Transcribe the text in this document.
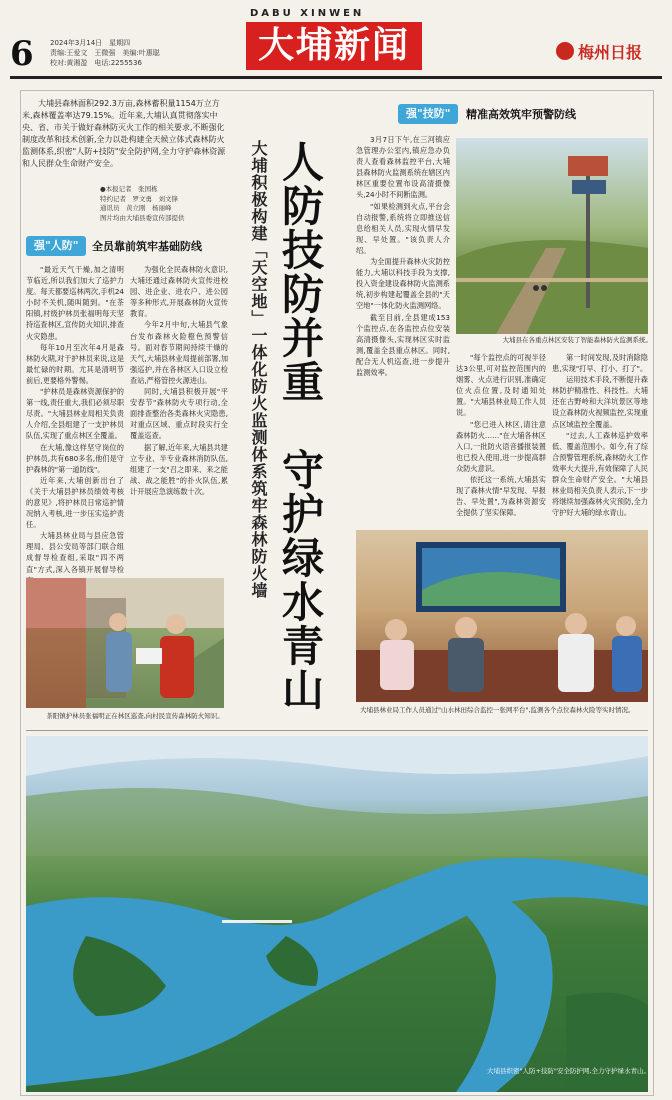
6 2024年3月14日　星期四
责编:王爱文　王微强　美编:叶惠聪
校对:黄湘盈　电话:2255536
DABU XINWEN
大埔新闻	梅州日报
大埔县森林面积292.3万亩,森林蓄积量1154万立方米,森林覆盖率达79.15%。近年来,大埔认真贯彻落实中央、省、市关于做好森林防灭火工作的相关要求,不断强化制度改革和技术创新,全力以赴构建全天候立体式森林防火监测体系,织密"人防+技防"安全防护网,全力守护森林资源和人民群众生命财产安全。
●本报记者　张国栋
特约记者　罗文勇　刘文锋
通讯员　黄立刚　杨丽峰
图片均由大埔县委宣传部提供
强"人防"	全员靠前筑牢基础防线

"最近天气干燥,加之清明节临近,所以我们加大了巡护力度。每天都要巡林两次,手机24小时不关机,随叫随到。"在茶阳镇,村级护林员张福明每天坚持巡查林区,宣传防火知识,排查火灾隐患。

每年10月至次年4月是森林防火期,对于护林员来说,这是最忙碌的时期。尤其是清明节前后,更要格外警惕。

"护林员是森林资源保护的第一线,责任重大,我们必须尽职尽责。"大埔县林业局相关负责人介绍,全县组建了一支护林员队伍,实现了重点林区全覆盖。

在大埔,像这样坚守岗位的护林员,共有680多名,他们是守护森林的"第一道防线"。

近年来,大埔创新出台了《关于大埔县护林员绩效考核的意见》,将护林员日常巡护情况纳入考核,进一步压实巡护责任。

大埔县林业局与县应急管理局、县公安局等部门联合组成督导检查组,采取"四不两直"方式,深入各镇开展督导检

为强化全民森林防火意识,大埔还通过森林防火宣传进校园、进企业、进农户、进公园等多种形式,开展森林防火宣传教育。

今年2月中旬,大埔县气象台发布森林火险橙色预警信号。面对春节期间持续干燥的天气,大埔县林业局提前部署,加强巡护,并在各林区入口设立检查站,严格管控火源进山。

同时,大埔县积极开展"平安春节"森林防火专项行动,全面排查整治各类森林火灾隐患,对重点区域、重点时段实行全覆盖巡查。

据了解,近年来,大埔县共建立专业、半专业森林消防队伍,组建了一支"召之即来、来之能战、战之能胜"的扑火队伍,累计开展应急演练数十次。

茶阳镇护林员张福明正在林区巡查,向村民宣传森林防火知识。
大埔积极构建「天空地」一体化防火监测体系筑牢森林防火墙 人防技防并重　守护绿水青山
强"技防"	精准高效筑牢预警防线

3月7日下午,在三河镇应急管理办公室内,镇应急办负责人查看森林监控平台,大埔县森林防火监测系统在辖区内林区重要位置布设高清摄像头,24小时不间断监测。

"如果检测到火点,平台会自动报警,系统将立即推送信息给相关人员,实现火情早发现、早处置。"该负责人介绍。

为全面提升森林火灾防控能力,大埔以科技手段为支撑,投入资金建设森林防火监测系统,初步构建起覆盖全县的"天空地"一体化防火监测网络。

截至目前,全县建成153个监控点,在各监控点位安装高清摄像头,实现林区实时监测,覆盖全县重点林区。同时,配合无人机巡查,进一步提升监测效率。

"每个监控点的可视半径达3公里,可对监控范围内的烟雾、火点进行识别,准确定位火点位置,及时通知处置。"大埔县林业局工作人员说。

"您已进入林区,请注意森林防火……"在大埔各林区入口,一批防火语音播报装置也已投入使用,进一步提高群众防火意识。

依托这一系统,大埔县实现了森林火情"早发现、早报告、早处置",为森林资源安全提供了坚实保障。

第一时间发现,及时消除隐患,实现"打早、打小、打了"。

运用技术手段,不断提升森林防护精准性、科技性。大埔还在古野岭和大洋坑景区等地设立森林防火视频监控,实现重点区域监控全覆盖。

"过去,人工森林巡护效率低、覆盖范围小。如今,有了综合预警管理系统,森林防火工作效率大大提升,有效保障了人民群众生命财产安全。"大埔县林业局相关负责人表示,下一步将继续加强森林火灾预防,全力守护好大埔的绿水青山。

大埔县在各重点林区安装了智能森林防火监测系统。
大埔县林业局工作人员通过"山水林田综合监控一张网平台",监测各个点位森林火险等实时情况。
大埔县织密"人防+技防"安全防护网,全力守护绿水青山。
